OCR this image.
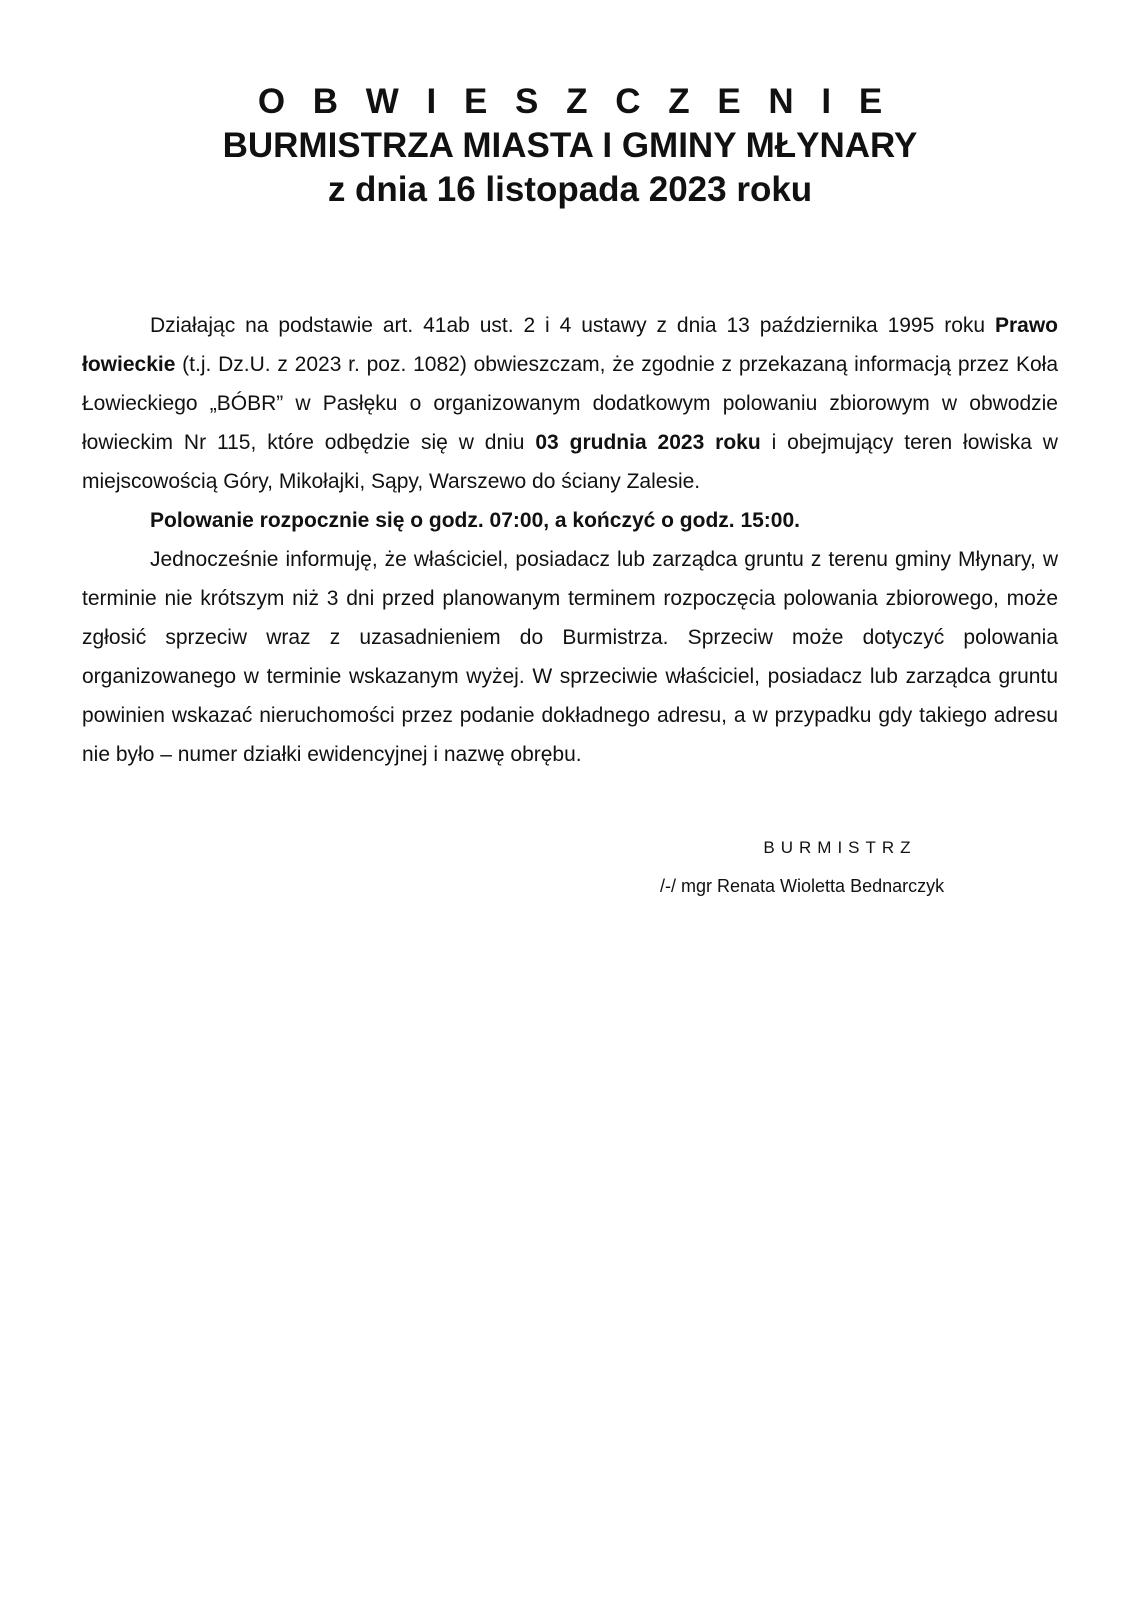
O B W I E S Z C Z E N I E
BURMISTRZA MIASTA I GMINY MŁYNARY
z dnia 16 listopada 2023 roku

Działając na podstawie art. 41ab ust. 2 i 4 ustawy z dnia 13 października 1995 roku Prawo łowieckie (t.j. Dz.U. z 2023 r. poz. 1082) obwieszczam, że zgodnie z przekazaną informacją przez Koła Łowieckiego „BÓBR” w Pasłęku o organizowanym dodatkowym polowaniu zbiorowym w obwodzie łowieckim Nr 115, które odbędzie się w dniu 03 grudnia 2023 roku i obejmujący teren łowiska w miejscowością Góry, Mikołajki, Sąpy, Warszewo do ściany Zalesie.

Polowanie rozpocznie się o godz. 07:00, a kończyć o godz. 15:00.

Jednocześnie informuję, że właściciel, posiadacz lub zarządca gruntu z terenu gminy Młynary, w terminie nie krótszym niż 3 dni przed planowanym terminem rozpoczęcia polowania zbiorowego, może zgłosić sprzeciw wraz z uzasadnieniem do Burmistrza. Sprzeciw może dotyczyć polowania organizowanego w terminie wskazanym wyżej. W sprzeciwie właściciel, posiadacz lub zarządca gruntu powinien wskazać nieruchomości przez podanie dokładnego adresu, a w przypadku gdy takiego adresu nie było – numer działki ewidencyjnej i nazwę obrębu.

BURMISTRZ
/-/ mgr Renata Wioletta Bednarczyk
